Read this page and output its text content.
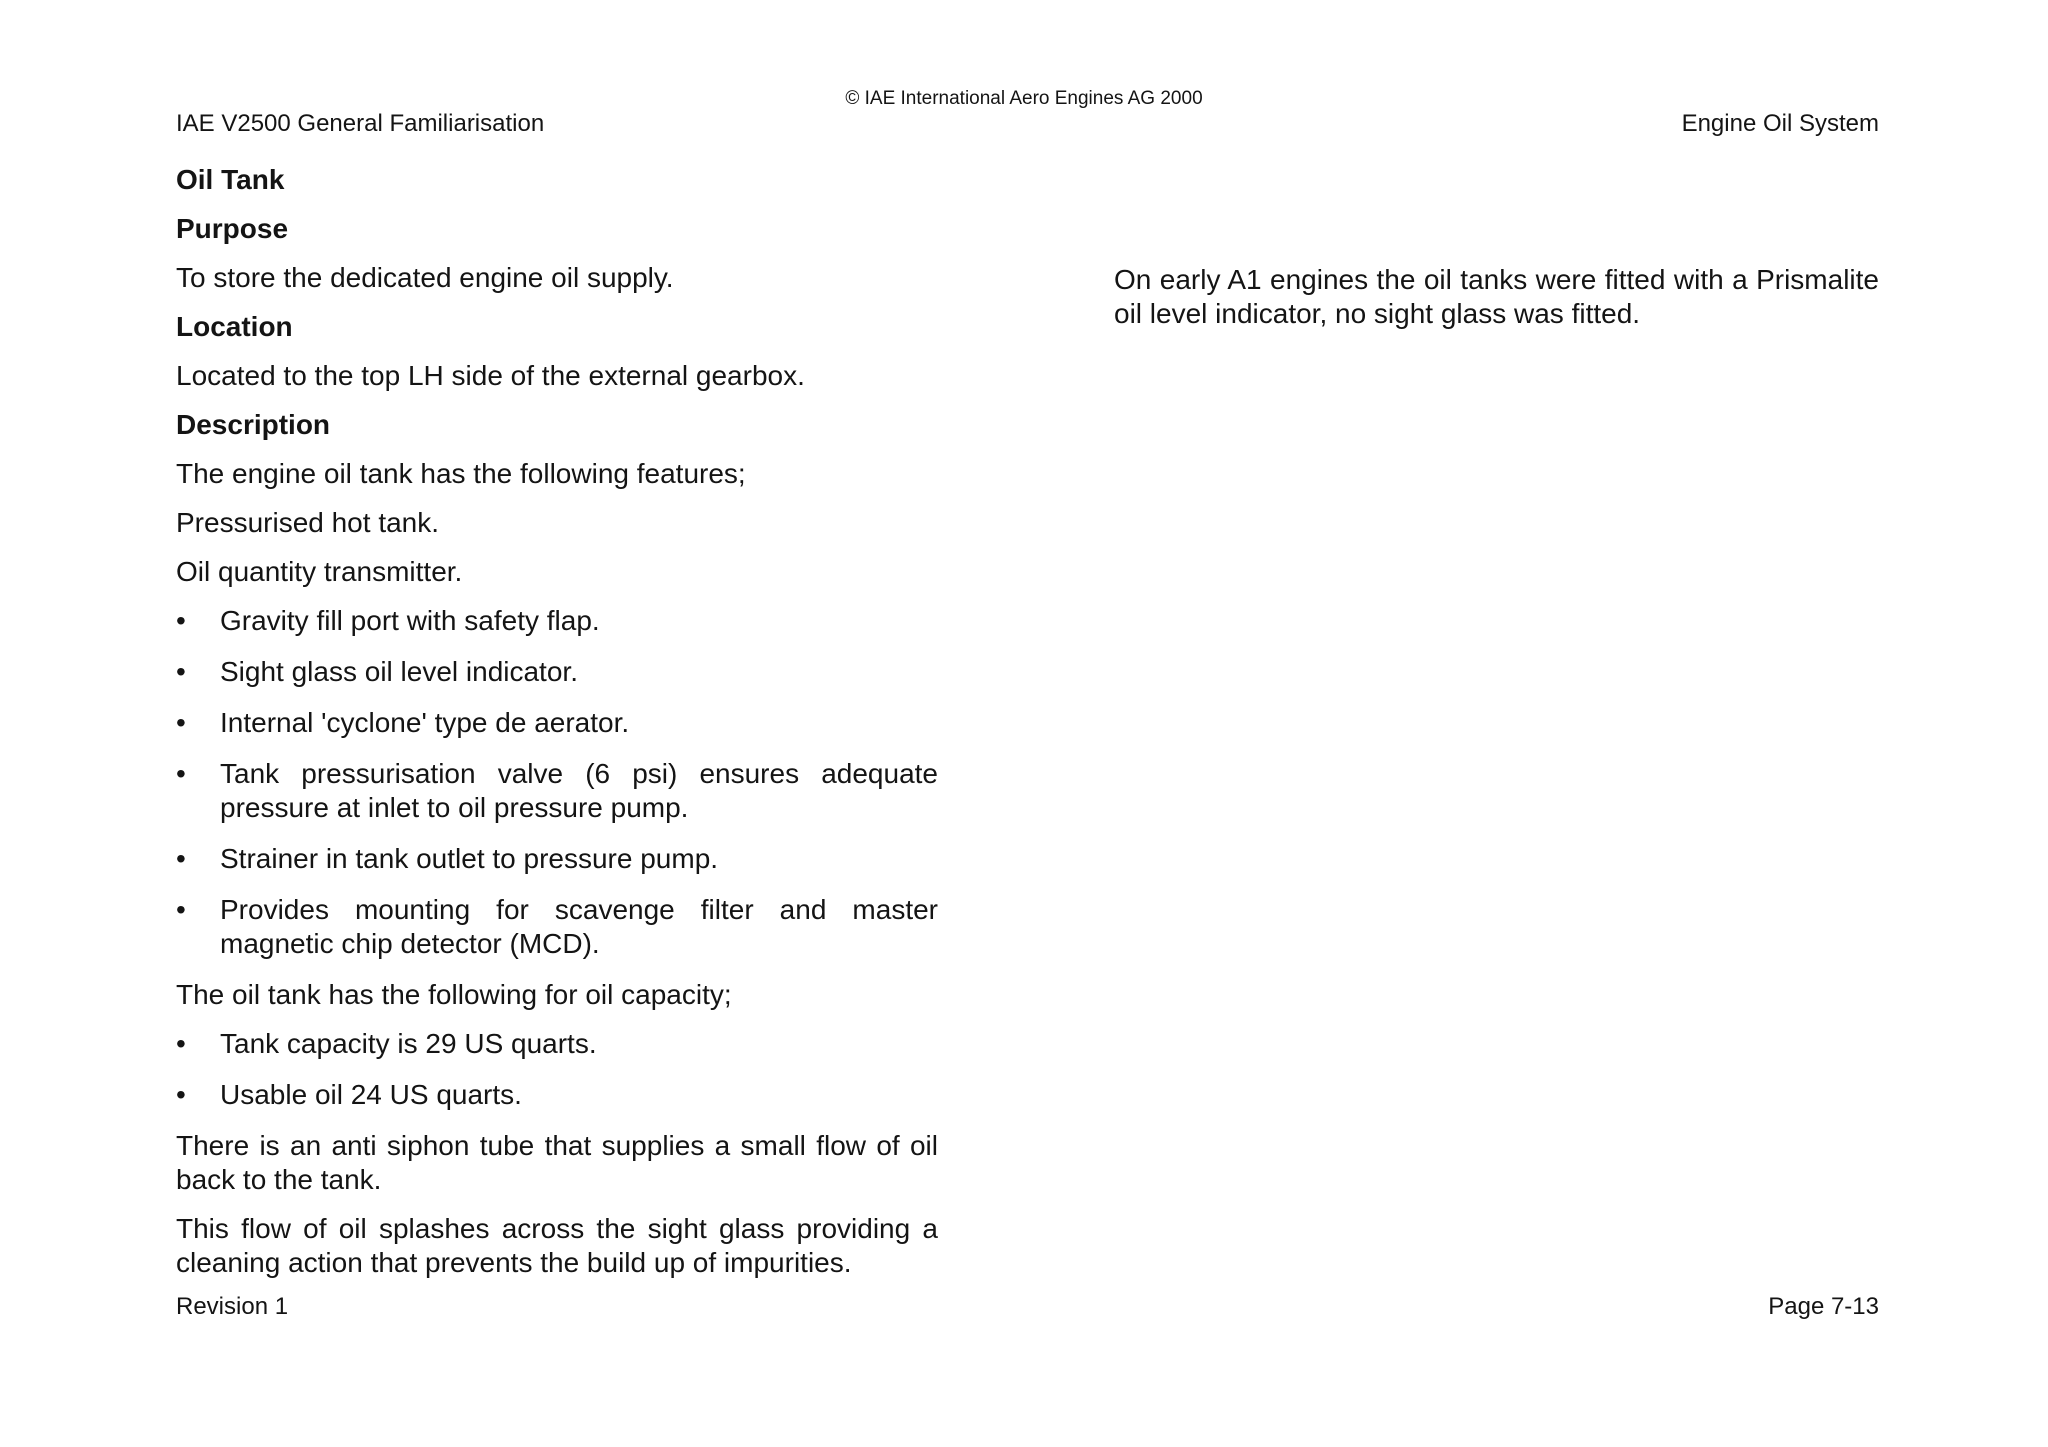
© IAE International Aero Engines AG 2000
IAE V2500 General Familiarisation	Engine Oil System
Oil Tank
Purpose
To store the dedicated engine oil supply.
Location
Located to the top LH side of the external gearbox.
Description
The engine oil tank has the following features;
Pressurised hot tank.
Oil quantity transmitter.
•	Gravity fill port with safety flap.
•	Sight glass oil level indicator.
•	Internal 'cyclone' type de aerator.
•	Tank pressurisation valve (6 psi) ensures adequate pressure at inlet to oil pressure pump.
•	Strainer in tank outlet to pressure pump.
•	Provides mounting for scavenge filter and master magnetic chip detector (MCD).
The oil tank has the following for oil capacity;
•	Tank capacity is 29 US quarts.
•	Usable oil 24 US quarts.
There is an anti siphon tube that supplies a small flow of oil back to the tank.
This flow of oil splashes across the sight glass providing a cleaning action that prevents the build up of impurities.
On early A1 engines the oil tanks were fitted with a Prismalite oil level indicator, no sight glass was fitted.
Revision 1	Page 7-13
